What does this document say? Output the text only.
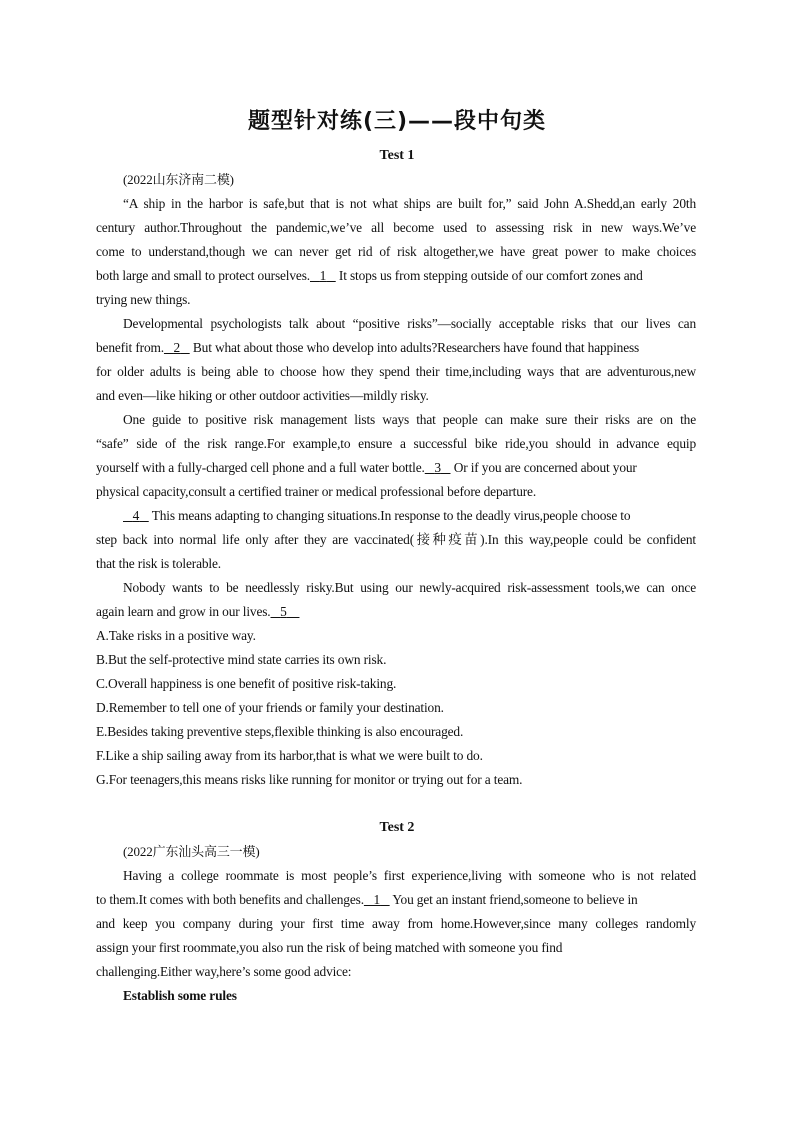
题型针对练(三)——段中句类
Test 1
(2022山东济南二模)
“A ship in the harbor is safe,but that is not what ships are built for,” said John A.Shedd,an early 20th
century author.Throughout the pandemic,we’ve all become used to assessing risk in new ways.We’ve
come to understand,though we can never get rid of risk altogether,we have great power to make choices
both large and small to protect ourselves. 1 It stops us from stepping outside of our comfort zones and
trying new things.
Developmental psychologists talk about “positive risks”—socially acceptable risks that our lives can
benefit from. 2 But what about those who develop into adults?Researchers have found that happiness
for older adults is being able to choose how they spend their time,including ways that are adventurous,new
and even—like hiking or other outdoor activities—mildly risky.
One guide to positive risk management lists ways that people can make sure their risks are on the
“safe” side of the risk range.For example,to ensure a successful bike ride,you should in advance equip
yourself with a fully-charged cell phone and a full water bottle. 3 Or if you are concerned about your
physical capacity,consult a certified trainer or medical professional before departure.
4 This means adapting to changing situations.In response to the deadly virus,people choose to
step back into normal life only after they are vaccinated(接种疫苗).In this way,people could be confident
that the risk is tolerable.
Nobody wants to be needlessly risky.But using our newly-acquired risk-assessment tools,we can once
again learn and grow in our lives. 5
A.Take risks in a positive way.
B.But the self-protective mind state carries its own risk.
C.Overall happiness is one benefit of positive risk-taking.
D.Remember to tell one of your friends or family your destination.
E.Besides taking preventive steps,flexible thinking is also encouraged.
F.Like a ship sailing away from its harbor,that is what we were built to do.
G.For teenagers,this means risks like running for monitor or trying out for a team.
Test 2
(2022广东汕头高三一模)
Having a college roommate is most people’s first experience,living with someone who is not related
to them.It comes with both benefits and challenges. 1 You get an instant friend,someone to believe in
and keep you company during your first time away from home.However,since many colleges randomly
assign your first roommate,you also run the risk of being matched with someone you find
challenging.Either way,here’s some good advice:
Establish some rules
